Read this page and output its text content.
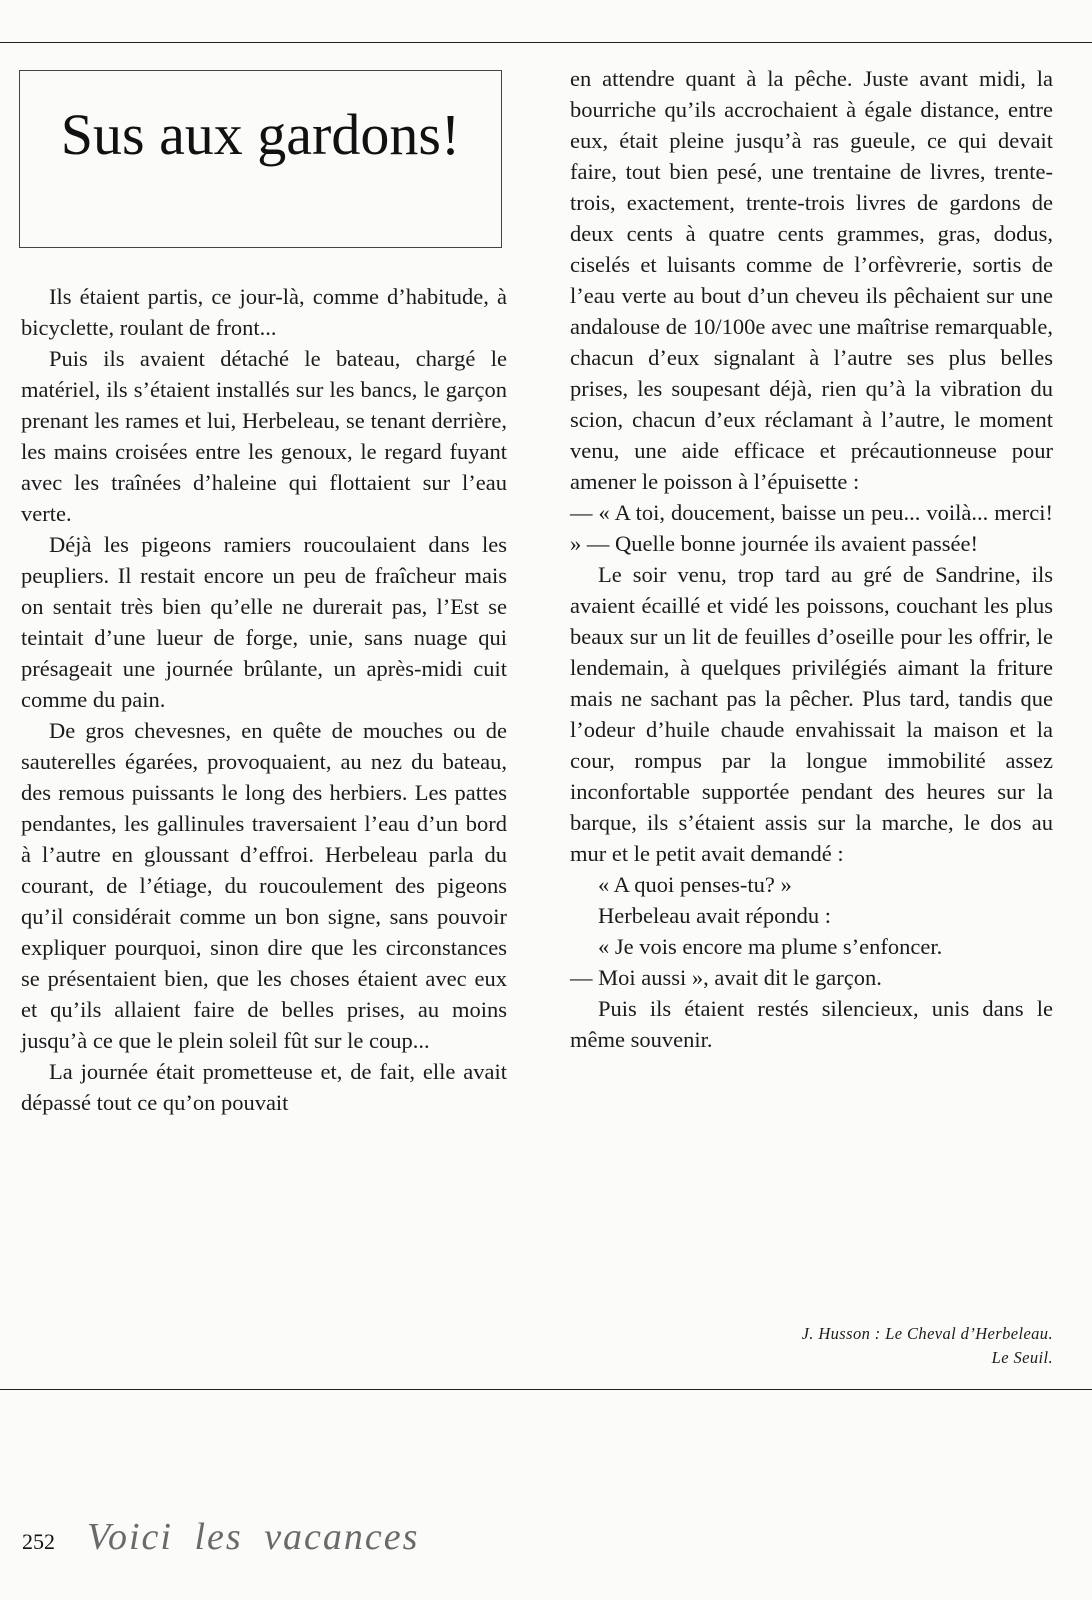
Sus aux gardons!

Ils étaient partis, ce jour-là, comme d’habitude, à bicyclette, roulant de front...

Puis ils avaient détaché le bateau, chargé le matériel, ils s’étaient installés sur les bancs, le garçon prenant les rames et lui, Herbeleau, se tenant derrière, les mains croisées entre les genoux, le regard fuyant avec les traînées d’haleine qui flottaient sur l’eau verte.

Déjà les pigeons ramiers roucoulaient dans les peupliers. Il restait encore un peu de fraîcheur mais on sentait très bien qu’elle ne durerait pas, l’Est se teintait d’une lueur de forge, unie, sans nuage qui présageait une journée brûlante, un après-midi cuit comme du pain.

De gros chevesnes, en quête de mouches ou de sauterelles égarées, provoquaient, au nez du bateau, des remous puissants le long des herbiers. Les pattes pendantes, les gallinules traversaient l’eau d’un bord à l’autre en gloussant d’effroi. Herbeleau parla du courant, de l’étiage, du roucoulement des pigeons qu’il considérait comme un bon signe, sans pouvoir expliquer pourquoi, sinon dire que les circonstances se présentaient bien, que les choses étaient avec eux et qu’ils allaient faire de belles prises, au moins jusqu’à ce que le plein soleil fût sur le coup...

La journée était prometteuse et, de fait, elle avait dépassé tout ce qu’on pouvait

en attendre quant à la pêche. Juste avant midi, la bourriche qu’ils accrochaient à égale distance, entre eux, était pleine jusqu’à ras gueule, ce qui devait faire, tout bien pesé, une trentaine de livres, trente-trois, exactement, trente-trois livres de gardons de deux cents à quatre cents grammes, gras, dodus, ciselés et luisants comme de l’orfèvrerie, sortis de l’eau verte au bout d’un cheveu ils pêchaient sur une andalouse de 10/100e avec une maîtrise remarquable, chacun d’eux signalant à l’autre ses plus belles prises, les soupesant déjà, rien qu’à la vibration du scion, chacun d’eux réclamant à l’autre, le moment venu, une aide efficace et précautionneuse pour amener le poisson à l’épuisette :

— « A toi, doucement, baisse un peu... voilà... merci! » — Quelle bonne journée ils avaient passée!

Le soir venu, trop tard au gré de Sandrine, ils avaient écaillé et vidé les poissons, couchant les plus beaux sur un lit de feuilles d’oseille pour les offrir, le lendemain, à quelques privilégiés aimant la friture mais ne sachant pas la pêcher. Plus tard, tandis que l’odeur d’huile chaude envahissait la maison et la cour, rompus par la longue immobilité assez inconfortable supportée pendant des heures sur la barque, ils s’étaient assis sur la marche, le dos au mur et le petit avait demandé :

« A quoi penses-tu? »

Herbeleau avait répondu :

« Je vois encore ma plume s’enfoncer.

— Moi aussi », avait dit le garçon.

Puis ils étaient restés silencieux, unis dans le même souvenir.

J. Husson : Le Cheval d’Herbeleau.
Le Seuil.
252 Voici les vacances
